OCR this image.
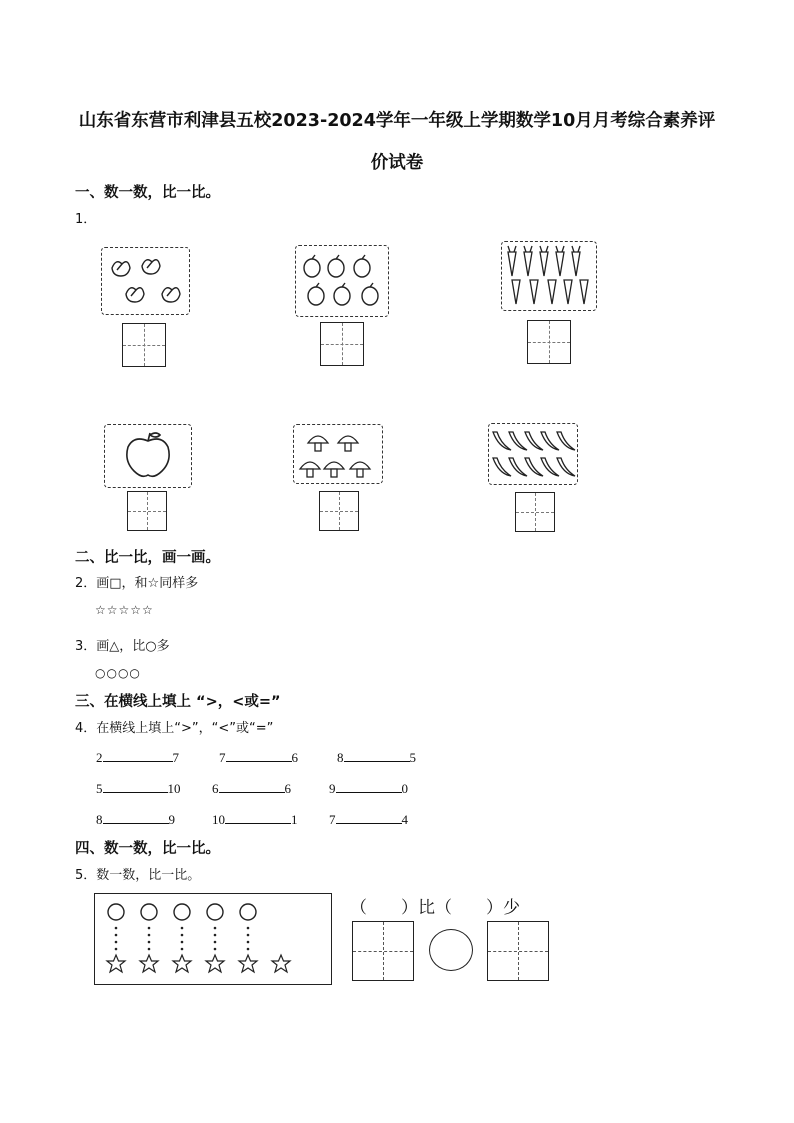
山东省东营市利津县五校2023-2024学年一年级上学期数学10月月考综合素养评
价试卷
一、数一数，比一比。
1．
二、比一比，画一画。
2．画□，和☆同样多
☆☆☆☆☆
3．画△，比○多
○○○○
三、在横线上填上 “>，<或=”
4．在横线上填上“>”，“<”或“=”
2	7	7	6	8	5
5	10 6	6	9	0
8	9	10	1 7	4
四、数一数，比一比。
5．数一数，比一比。
（ ）比（ ）少
